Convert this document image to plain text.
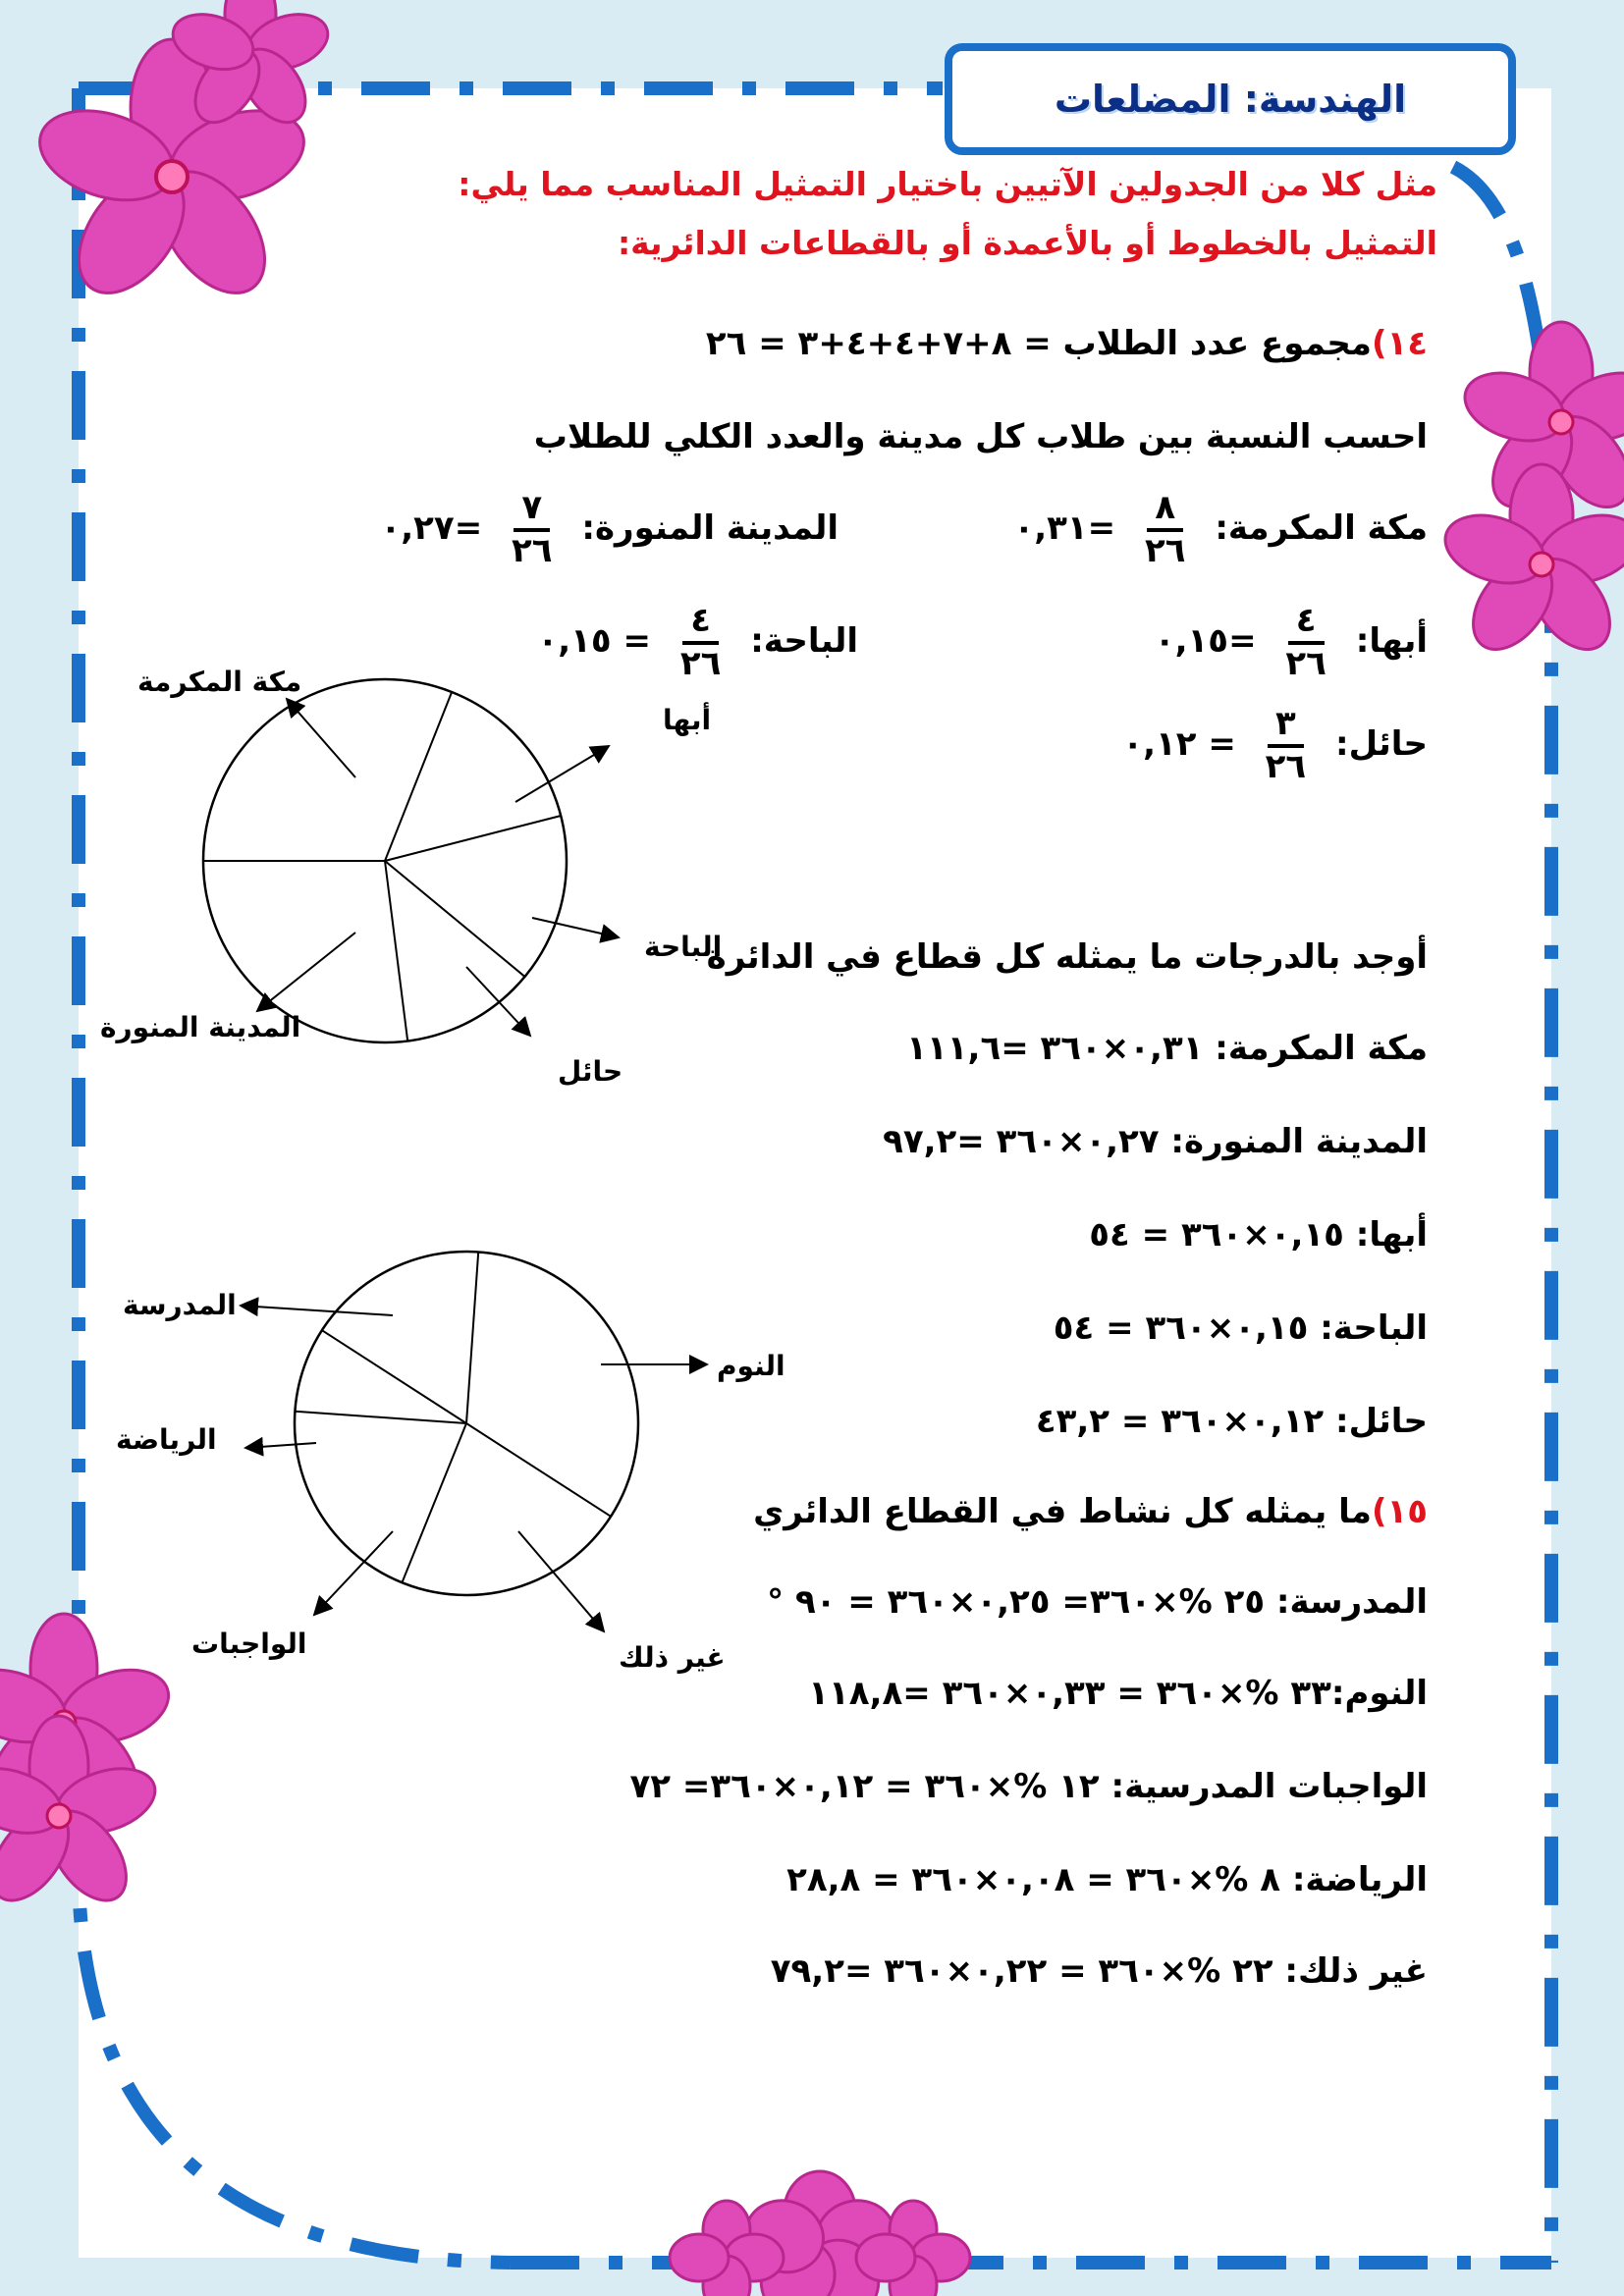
الهندسة: المضلعات
مثل كلا من الجدولين الآتيين باختيار التمثيل المناسب مما يلي:
التمثيل بالخطوط أو بالأعمدة أو بالقطاعات الدائرية:
١٤)مجموع عدد الطلاب = ٨+٧+٤+٤+٣ = ٢٦
احسب النسبة بين طلاب كل مدينة والعدد الكلي للطلاب
مكة المكرمة:
$\frac{٨}{٢٦}$
=٠,٣١
المدينة المنورة:
$\frac{٧}{٢٦}$
=٠,٢٧
أبها:
$\frac{٤}{٢٦}$
=٠,١٥
الباحة:
$\frac{٤}{٢٦}$
= ٠,١٥
حائل:
$\frac{٣}{٢٦}$
= ٠,١٢
أوجد بالدرجات ما يمثله كل قطاع في الدائرة
مكة المكرمة: ٠,٣١×٣٦٠ =١١١,٦
المدينة المنورة: ٠,٢٧×٣٦٠ =٩٧,٢
أبها: ٠,١٥×٣٦٠ = ٥٤
الباحة: ٠,١٥×٣٦٠ = ٥٤
حائل: ٠,١٢×٣٦٠ = ٤٣,٢
١٥)ما يمثله كل نشاط في القطاع الدائري
المدرسة: ٢٥ %×٣٦٠= ٠,٢٥×٣٦٠ = ٩٠ °
النوم:٣٣ %×٣٦٠ = ٠,٣٣×٣٦٠ =١١٨,٨
الواجبات المدرسية: ١٢ %×٣٦٠ = ٠,١٢×٣٦٠= ٧٢
الرياضة: ٨ %×٣٦٠ = ٠,٠٨×٣٦٠ = ٢٨,٨
غير ذلك: ٢٢ %×٣٦٠ = ٠,٢٢×٣٦٠ =٧٩,٢
مكة المكرمة
أبها
الباحة
حائل
المدينة المنورة
المدرسة
النوم
الرياضة
الواجبات	غير ذلك
